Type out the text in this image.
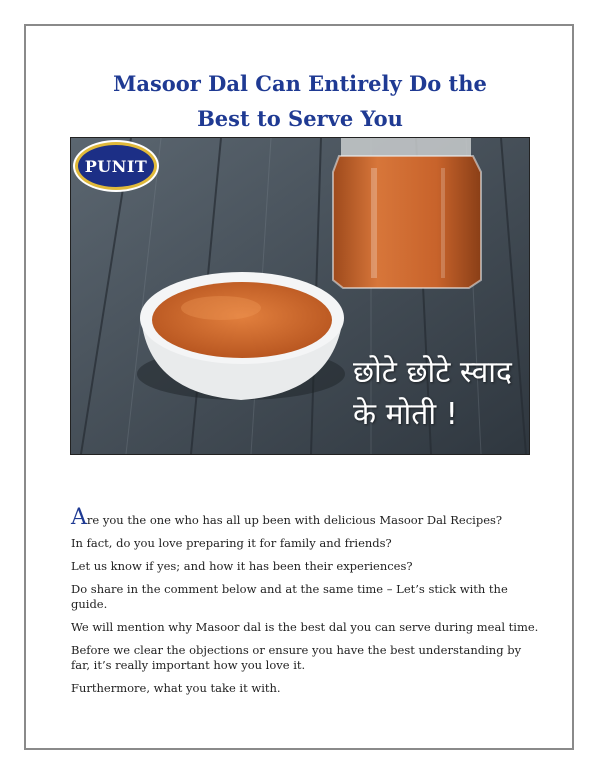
Masoor Dal Can Entirely Do the
Best to Serve You
PUNIT
छोटे छोटे स्वाद
के मोती !

Are you the one who has all up been with delicious Masoor Dal Recipes?

In fact, do you love preparing it for family and friends?

Let us know if yes; and how it has been their experiences?

Do share in the comment below and at the same time – Let’s stick with the guide.

We will mention why Masoor dal is the best dal you can serve during meal time.

Before we clear the objections or ensure you have the best understanding by far, it’s really important how you love it.

Furthermore, what you take it with.
